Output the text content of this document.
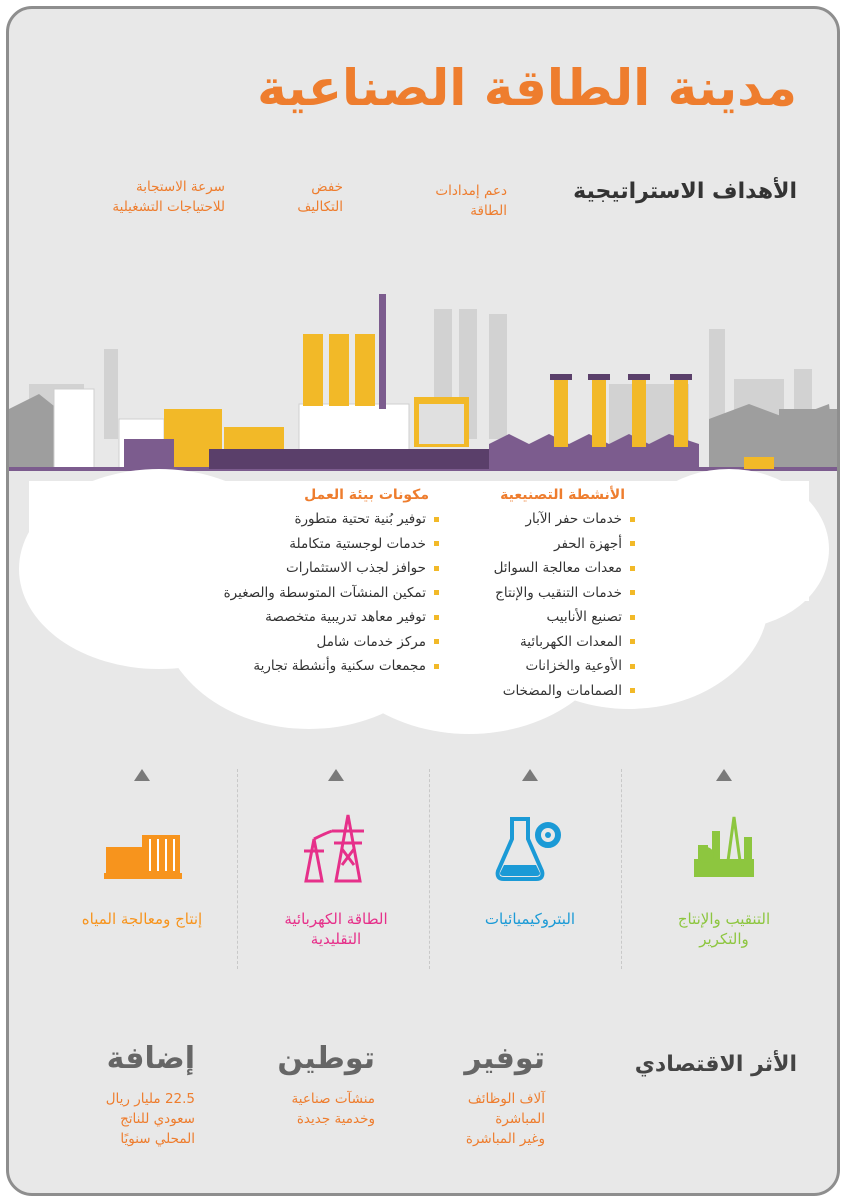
مدينة الطاقة الصناعية
الأهداف الاستراتيجية
دعم إمدادات
الطاقة
خفض
التكاليف
سرعة الاستجابة
للاحتياجات التشغيلية
الأنشطة التصنيعية
خدمات حفر الآبار
أجهزة الحفر
معدات معالجة السوائل
خدمات التنقيب والإنتاج
تصنيع الأنابيب
المعدات الكهربائية
الأوعية والخزانات
الصمامات والمضخات
مكونات بيئة العمل
توفير بُنية تحتية متطورة
خدمات لوجستية متكاملة
حوافز لجذب الاستثمارات
تمكين المنشآت المتوسطة والصغيرة
توفير معاهد تدريبية متخصصة
مركز خدمات شامل
مجمعات سكنية وأنشطة تجارية
التنقيب والإنتاج
والتكرير
البتروكيميائيات
الطاقة الكهربائية
التقليدية
إنتاج ومعالجة المياه
الأثر الاقتصادي
توفير
آلاف الوظائف
المباشرة
وغير المباشرة
توطين
منشآت صناعية
وخدمية جديدة
إضافة
22.5 مليار ريال
سعودي للناتج
المحلي سنويًا
